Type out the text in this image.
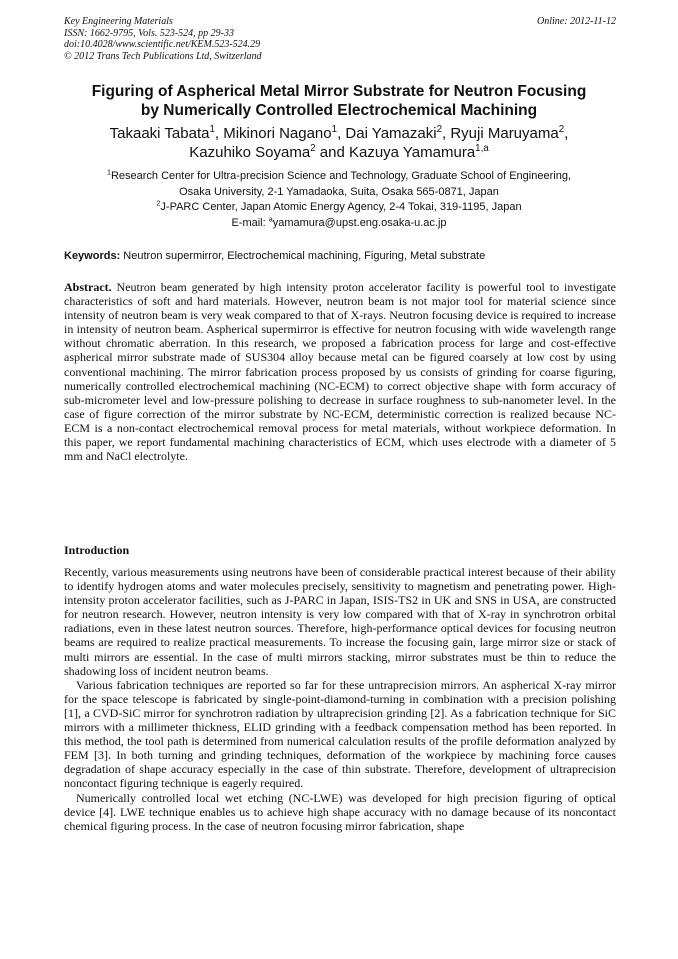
Key Engineering Materials
ISSN: 1662-9795, Vols. 523-524, pp 29-33
doi:10.4028/www.scientific.net/KEM.523-524.29
© 2012 Trans Tech Publications Ltd, Switzerland
Online: 2012-11-12
Figuring of Aspherical Metal Mirror Substrate for Neutron Focusing
by Numerically Controlled Electrochemical Machining
Takaaki Tabata$^1$, Mikinori Nagano$^1$, Dai Yamazaki$^2$, Ryuji Maruyama$^2$,
Kazuhiko Soyama$^2$ and Kazuya Yamamura$^{1,a}$
$^1$Research Center for Ultra-precision Science and Technology, Graduate School of Engineering,
Osaka University, 2-1 Yamadaoka, Suita, Osaka 565-0871, Japan
$^2$J-PARC Center, Japan Atomic Energy Agency, 2-4 Tokai, 319-1195, Japan
E-mail: $^a$yamamura@upst.eng.osaka-u.ac.jp
Keywords: Neutron supermirror, Electrochemical machining, Figuring, Metal substrate
Abstract. Neutron beam generated by high intensity proton accelerator facility is powerful tool to investigate characteristics of soft and hard materials. However, neutron beam is not major tool for material science since intensity of neutron beam is very weak compared to that of X-rays. Neutron focusing device is required to increase in intensity of neutron beam. Aspherical supermirror is effective for neutron focusing with wide wavelength range without chromatic aberration. In this research, we proposed a fabrication process for large and cost-effective aspherical mirror substrate made of SUS304 alloy because metal can be figured coarsely at low cost by using conventional machining. The mirror fabrication process proposed by us consists of grinding for coarse figuring, numerically controlled electrochemical machining (NC-ECM) to correct objective shape with form accuracy of sub-micrometer level and low-pressure polishing to decrease in surface roughness to sub-nanometer level. In the case of figure correction of the mirror substrate by NC-ECM, deterministic correction is realized because NC-ECM is a non-contact electrochemical removal process for metal materials, without workpiece deformation. In this paper, we report fundamental machining characteristics of ECM, which uses electrode with a diameter of 5 mm and NaCl electrolyte.
Introduction

Recently, various measurements using neutrons have been of considerable practical interest because of their ability to identify hydrogen atoms and water molecules precisely, sensitivity to magnetism and penetrating power. High-intensity proton accelerator facilities, such as J-PARC in Japan, ISIS-TS2 in UK and SNS in USA, are constructed for neutron research. However, neutron intensity is very low compared with that of X-ray in synchrotron orbital radiations, even in these latest neutron sources. Therefore, high-performance optical devices for focusing neutron beams are required to realize practical measurements. To increase the focusing gain, large mirror size or stack of multi mirrors are essential. In the case of multi mirrors stacking, mirror substrates must be thin to reduce the shadowing loss of incident neutron beams.

Various fabrication techniques are reported so far for these untraprecision mirrors. An aspherical X-ray mirror for the space telescope is fabricated by single-point-diamond-turning in combination with a precision polishing [1], a CVD-SiC mirror for synchrotron radiation by ultraprecision grinding [2]. As a fabrication technique for SiC mirrors with a millimeter thickness, ELID grinding with a feedback compensation method has been reported. In this method, the tool path is determined from numerical calculation results of the profile deformation analyzed by FEM [3]. In both turning and grinding techniques, deformation of the workpiece by machining force causes degradation of shape accuracy especially in the case of thin substrate. Therefore, development of ultraprecision noncontact figuring technique is eagerly required.

Numerically controlled local wet etching (NC-LWE) was developed for high precision figuring of optical device [4]. LWE technique enables us to achieve high shape accuracy with no damage because of its noncontact chemical figuring process. In the case of neutron focusing mirror fabrication, shape
